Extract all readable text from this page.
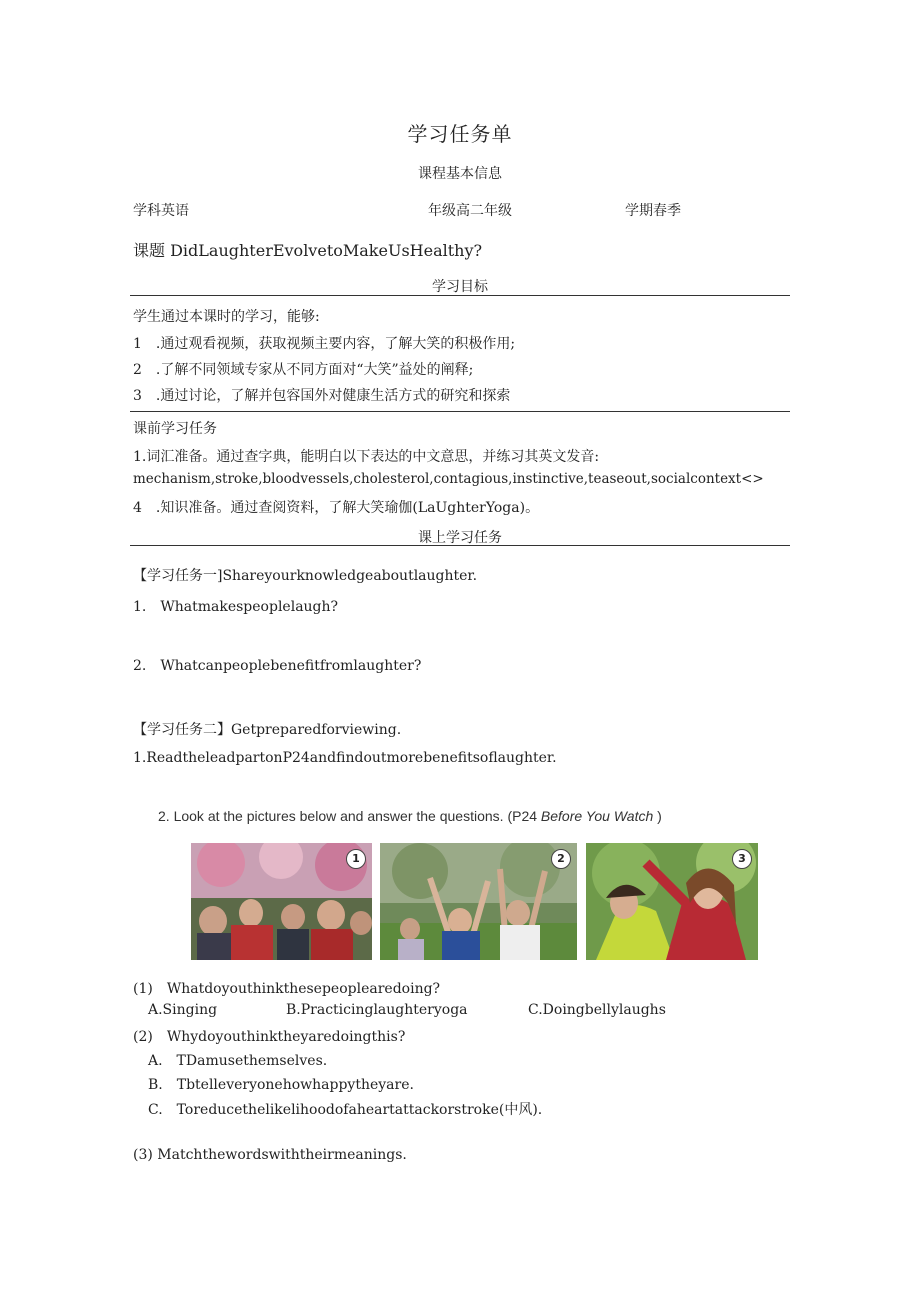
学习任务单
课程基本信息
学科英语	年级高二年级	学期春季
课题 DidLaughterEvolvetoMakeUsHealthy?
学习目标
学生通过本课时的学习，能够:
1　.通过观看视频，获取视频主要内容，了解大笑的积极作用;
2　.了解不同领域专家从不同方面对“大笑”益处的阐释;
3　.通过讨论，了解并包容国外对健康生活方式的研究和探索
课前学习任务
1.词汇准备。通过查字典，能明白以下表达的中文意思，并练习其英文发音:
mechanism,stroke,bloodvessels,cholesterol,contagious,instinctive,teaseout,socialcontext<>
4　.知识准备。通过查阅资料，了解大笑瑜伽(LaUghterYoga)。
课上学习任务
【学习任务一]Shareyourknowledgeaboutlaughter.
1.　Whatmakespeoplelaugh?
2.　Whatcanpeoplebenefitfromlaughter?
【学习任务二】Getpreparedforviewing.
1.ReadtheleadpartonP24andfindoutmorebenefitsoflaughter.
2. Look at the pictures below and answer the questions. (P24 Before You Watch )
1	2	3
(1)　Whatdoyouthinkthesepeoplearedoing?
A.Singing	B.Practicinglaughteryoga	C.Doingbellylaughs
(2)　Whydoyouthinktheyaredoingthis?
A.　TDamusethemselves.
B.　Tbtelleveryonehowhappytheyare.
C.　Toreducethelikelihoodofaheartattackorstroke(中风).
(3) Matchthewordswiththeirmeanings.
